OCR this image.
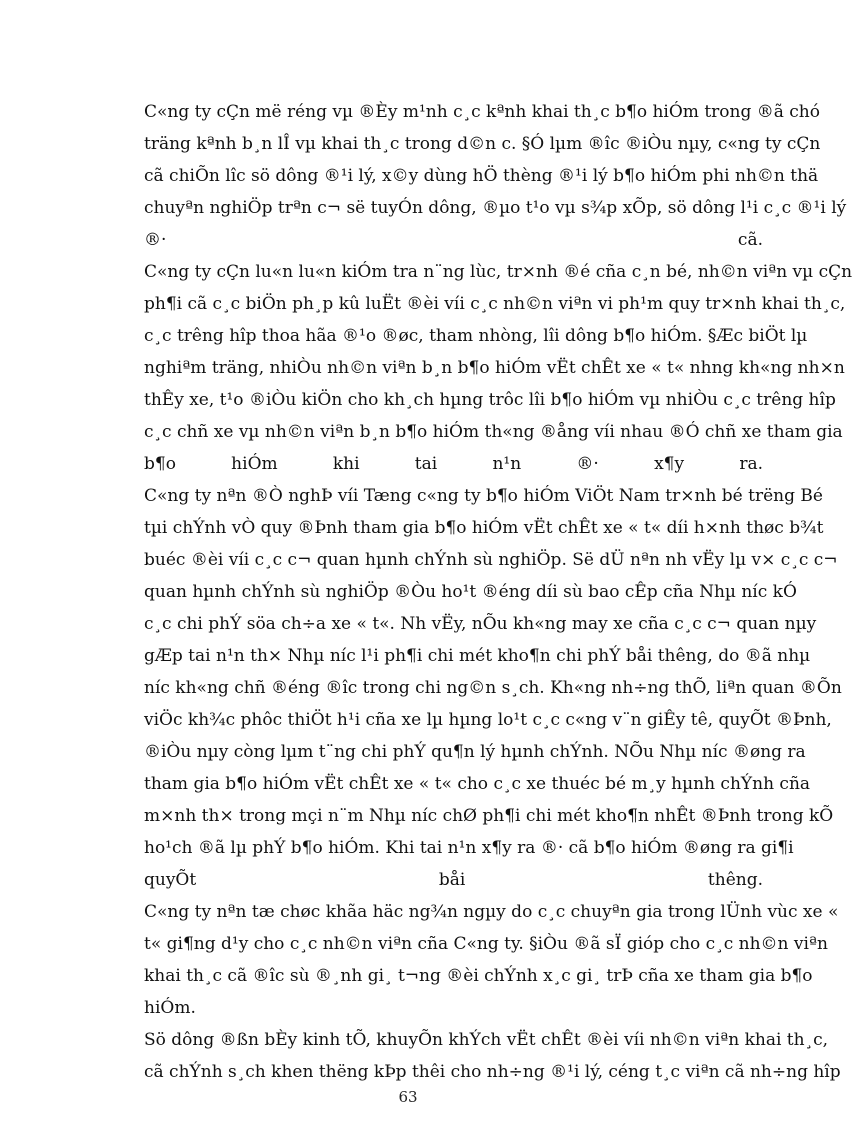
C«ng ty cÇn më réng vµ ®Èy m¹nh c¸c kªnh khai th¸c b¶o hiÓm trong ®ã chó
träng kªnh b¸n lÎ vµ khai th¸c trong d©n c. §Ó lµm ®îc ®iÒu nµy, c«ng ty cÇn
cã chiÕn lîc sö dông ®¹i lý, x©y dùng hÖ thèng ®¹i lý b¶o hiÓm phi nh©n thä
chuyªn nghiÖp trªn c¬ së tuyÓn dông, ®µo t¹o vµ s¾p xÕp, sö dông l¹i c¸c ®¹i lý
®· cã.
C«ng ty cÇn lu«n lu«n kiÓm tra n¨ng lùc, tr×nh ®é cña c¸n bé, nh©n viªn vµ cÇn
ph¶i cã c¸c biÖn ph¸p kû luËt ®èi víi c¸c nh©n viªn vi ph¹m quy tr×nh khai th¸c,
c¸c trêng hîp thoa hãa ®¹o ®øc, tham nhòng, lîi dông b¶o hiÓm. §Æc biÖt lµ
nghiªm träng, nhiÒu nh©n viªn b¸n b¶o hiÓm vËt chÊt xe « t« nhng kh«ng nh×n
thÊy xe, t¹o ®iÒu kiÖn cho kh¸ch hµng trôc lîi b¶o hiÓm vµ nhiÒu c¸c trêng hîp
c¸c chñ xe vµ nh©n viªn b¸n b¶o hiÓm th«ng ®ång víi nhau ®Ó chñ xe tham gia
b¶o hiÓm khi tai n¹n ®· x¶y ra.
C«ng ty nªn ®Ò nghÞ víi Tæng c«ng ty b¶o hiÓm ViÖt Nam tr×nh bé trëng Bé
tµi chÝnh vÒ quy ®Þnh tham gia b¶o hiÓm vËt chÊt xe « t« díi h×nh thøc b¾t
buéc ®èi víi c¸c c¬ quan hµnh chÝnh sù nghiÖp. Së dÜ nªn nh vËy lµ v× c¸c c¬
quan hµnh chÝnh sù nghiÖp ®Òu ho¹t ®éng díi sù bao cÊp cña Nhµ níc kÓ
c¸c chi phÝ söa ch÷a xe « t«. Nh vËy, nÕu kh«ng may xe cña c¸c c¬ quan nµy
gÆp tai n¹n th× Nhµ níc l¹i ph¶i chi mét kho¶n chi phÝ båi thêng, do ®ã nhµ
níc kh«ng chñ ®éng ®îc trong chi ng©n s¸ch. Kh«ng nh÷ng thÕ, liªn quan ®Õn
viÖc kh¾c phôc thiÖt h¹i cña xe lµ hµng lo¹t c¸c c«ng v¨n giÊy tê, quyÕt ®Þnh,
®iÒu nµy còng lµm t¨ng chi phÝ qu¶n lý hµnh chÝnh. NÕu Nhµ níc ®øng ra
tham gia b¶o hiÓm vËt chÊt xe « t« cho c¸c xe thuéc bé m¸y hµnh chÝnh cña
m×nh th× trong mçi n¨m Nhµ níc chØ ph¶i chi mét kho¶n nhÊt ®Þnh trong kÕ
ho¹ch ®ã lµ phÝ b¶o hiÓm. Khi tai n¹n x¶y ra ®· cã b¶o hiÓm ®øng ra gi¶i
quyÕt båi thêng.
C«ng ty nªn tæ chøc khãa häc ng¾n ngµy do c¸c chuyªn gia trong lÜnh vùc xe «
t« gi¶ng d¹y cho c¸c nh©n viªn cña C«ng ty. §iÒu ®ã sÏ gióp cho c¸c nh©n viªn
khai th¸c cã ®îc sù ®¸nh gi¸ t¬ng ®èi chÝnh x¸c gi¸ trÞ cña xe tham gia b¶o
hiÓm.
Sö dông ®ßn bÈy kinh tÕ, khuyÕn khÝch vËt chÊt ®èi víi nh©n viªn khai th¸c,
cã chÝnh s¸ch khen thëng kÞp thêi cho nh÷ng ®¹i lý, céng t¸c viªn cã nh÷ng hîp
63
